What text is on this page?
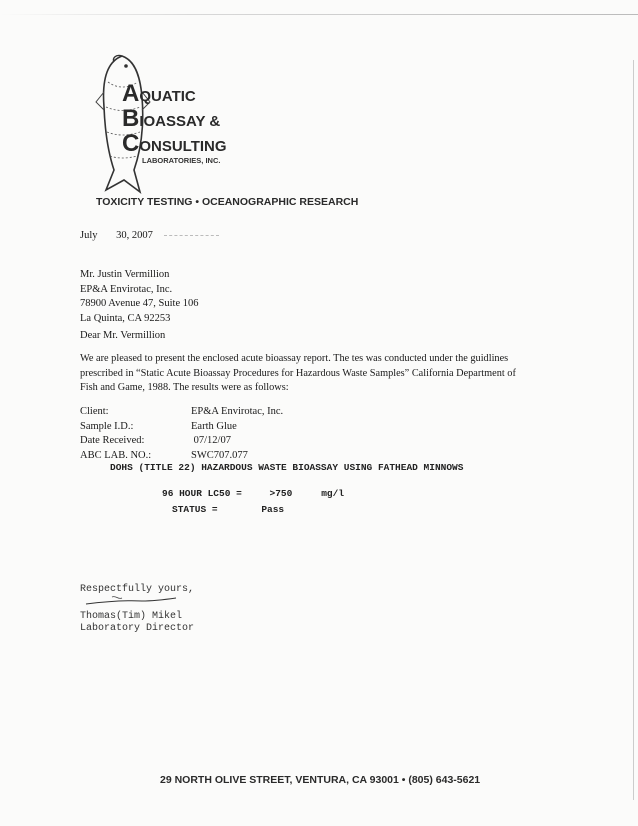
AQUATIC
BIOASSAY &
CONSULTING
LABORATORIES, INC.
TOXICITY TESTING • OCEANOGRAPHIC RESEARCH
July 30, 2007
Mr. Justin Vermillion
EP&A Envirotac, Inc.
78900 Avenue 47, Suite 106
La Quinta, CA 92253
Dear Mr. Vermillion
We are pleased to present the enclosed acute bioassay report. The tes was conducted under the guidlines
prescribed in “Static Acute Bioassay Procedures for Hazardous Waste Samples” California Department of
Fish and Game, 1988. The results were as follows:
Client:	EP&A Envirotac, Inc.
Sample I.D.:	Earth Glue
Date Received:	07/12/07
ABC LAB. NO.:	SWC707.077
DOHS (TITLE 22) HAZARDOUS WASTE BIOASSAY USING FATHEAD MINNOWS
96 HOUR LC50 =	>750	mg/l
STATUS =	Pass
Respectfully yours,
Thomas(Tim) Mikel
Laboratory Director
29 NORTH OLIVE STREET, VENTURA, CA 93001 • (805) 643-5621
